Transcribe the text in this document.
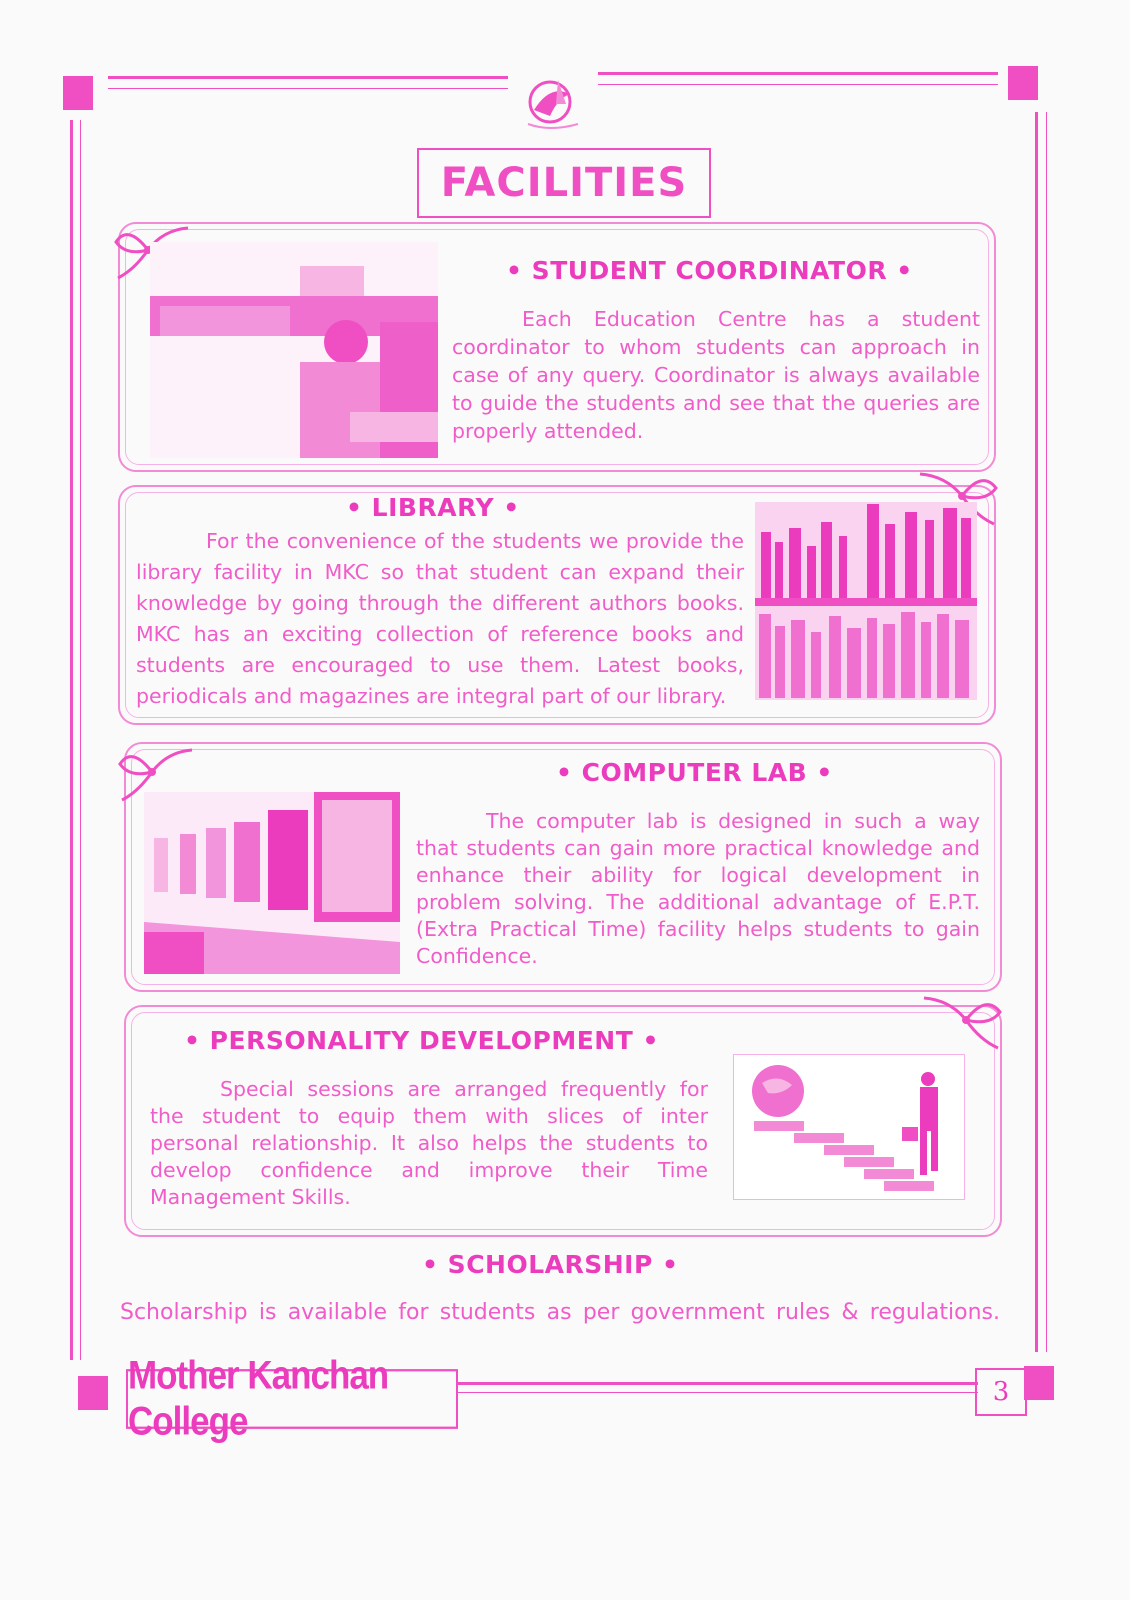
FACILITIES
• STUDENT COORDINATOR •
Each Education Centre has a student coordinator to whom students can approach in case of any query. Coordinator is always available to guide the students and see that the queries are properly attended.
• LIBRARY •
For the convenience of the students we provide the library facility in MKC so that student can expand their knowledge by going through the different authors books. MKC has an exciting collection of reference books and students are encouraged to use them. Latest books, periodicals and magazines are integral part of our library.
• COMPUTER LAB •
The computer lab is designed in such a way that students can gain more practical knowledge and enhance their ability for logical development in problem solving. The additional advantage of E.P.T. (Extra Practical Time) facility helps students to gain Confidence.
• PERSONALITY DEVELOPMENT •
Special sessions are arranged frequently for the student to equip them with slices of inter personal relationship. It also helps the students to develop confidence and improve their Time Management Skills.
• SCHOLARSHIP •
Scholarship is available for students as per government rules & regulations.
Mother Kanchan College
3
